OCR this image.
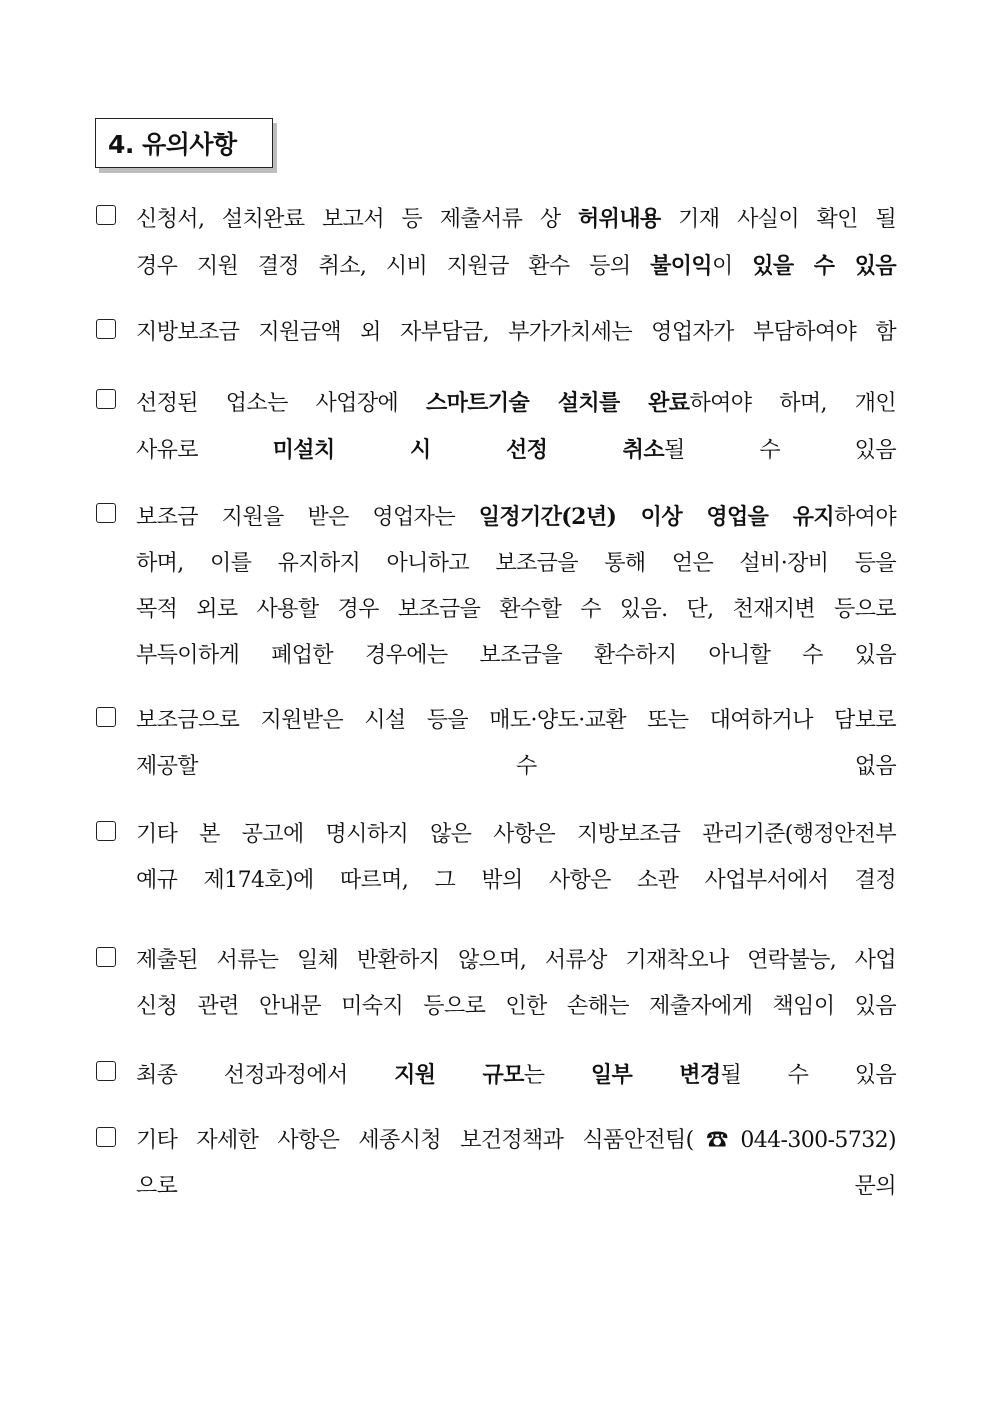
4. 유의사항
신청서, 설치완료 보고서 등 제출서류 상 허위내용 기재 사실이 확인 될
경우 지원 결정 취소, 시비 지원금 환수 등의 불이익이 있을 수 있음
지방보조금 지원금액 외 자부담금, 부가가치세는 영업자가 부담하여야 함
선정된 업소는 사업장에 스마트기술 설치를 완료하여야 하며, 개인
사유로 미설치 시 선정 취소될 수 있음
보조금 지원을 받은 영업자는 일정기간(2년) 이상 영업을 유지하여야
하며, 이를 유지하지 아니하고 보조금을 통해 얻은 설비·장비 등을
목적 외로 사용할 경우 보조금을 환수할 수 있음. 단, 천재지변 등으로
부득이하게 폐업한 경우에는 보조금을 환수하지 아니할 수 있음
보조금으로 지원받은 시설 등을 매도·양도·교환 또는 대여하거나 담보로
제공할 수 없음
기타 본 공고에 명시하지 않은 사항은 지방보조금 관리기준(행정안전부
예규 제174호)에 따르며, 그 밖의 사항은 소관 사업부서에서 결정
제출된 서류는 일체 반환하지 않으며, 서류상 기재착오나 연락불능, 사업
신청 관련 안내문 미숙지 등으로 인한 손해는 제출자에게 책임이 있음
최종 선정과정에서 지원 규모는 일부 변경될 수 있음
기타 자세한 사항은 세종시청 보건정책과 식품안전팀(☎044-300-5732)
으로 문의
